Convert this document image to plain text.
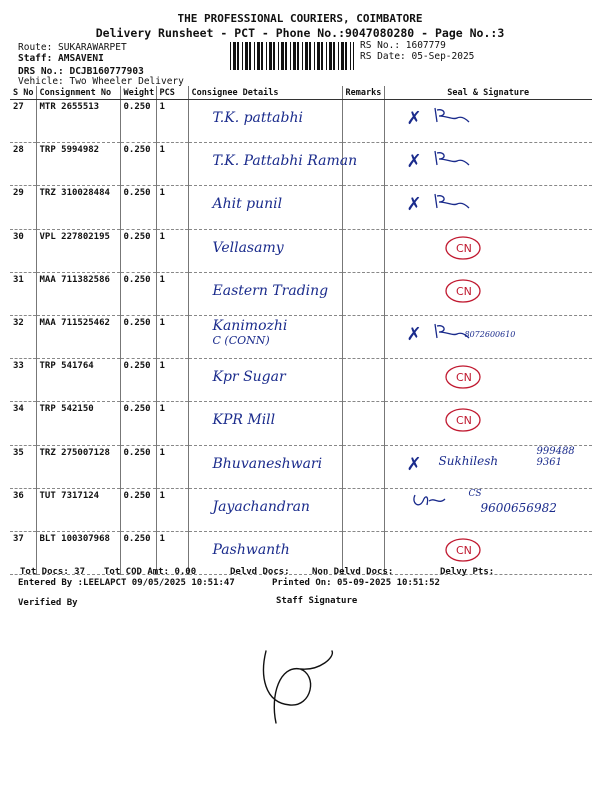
THE PROFESSIONAL COURIERS, COIMBATORE
Delivery Runsheet - PCT - Phone No.:9047080280 - Page No.:3
Route: SUKARAWARPET
Staff: AMSAVENI
DRS No.: DCJB160777903
Vehicle: Two Wheeler Delivery
RS No.: 1607779
RS Date: 05-Sep-2025
S No	Consignment No	Weight	PCS	Consignee Details	Remarks	Seal & Signature
27	MTR 2655513	0.250	1	T.K. pattabhi		✗

28	TRP 5994982	0.250	1	T.K. Pattabhi Raman		✗

29	TRZ 310028484	0.250	1	Ahit punil		✗

30	VPL 227802195	0.250	1	Vellasamy		CN

31	MAA 711382586	0.250	1	Eastern Trading		CN

32	MAA 711525462	0.250	1	Kanimozhi
C (CONN)		✗ 8072600610

33	TRP 541764	0.250	1	Kpr Sugar		CN

34	TRP 542150	0.250	1	KPR Mill		CN

35	TRZ 275007128	0.250	1	Bhuvaneshwari		✗ Sukhilesh
999488 9361

36	TUT 7317124	0.250	1	Jayachandran		CS
9600656982

37	BLT 100307968	0.250	1	Pashwanth		CN
Tot Docs: 37 Tot COD Amt: 0.00	Delvd Docs: Non Delvd Docs:	Delvy Pts:
Entered By :LEELAPCT 09/05/2025 10:51:47	Printed On: 05-09-2025 10:51:52
Verified By	Staff Signature
